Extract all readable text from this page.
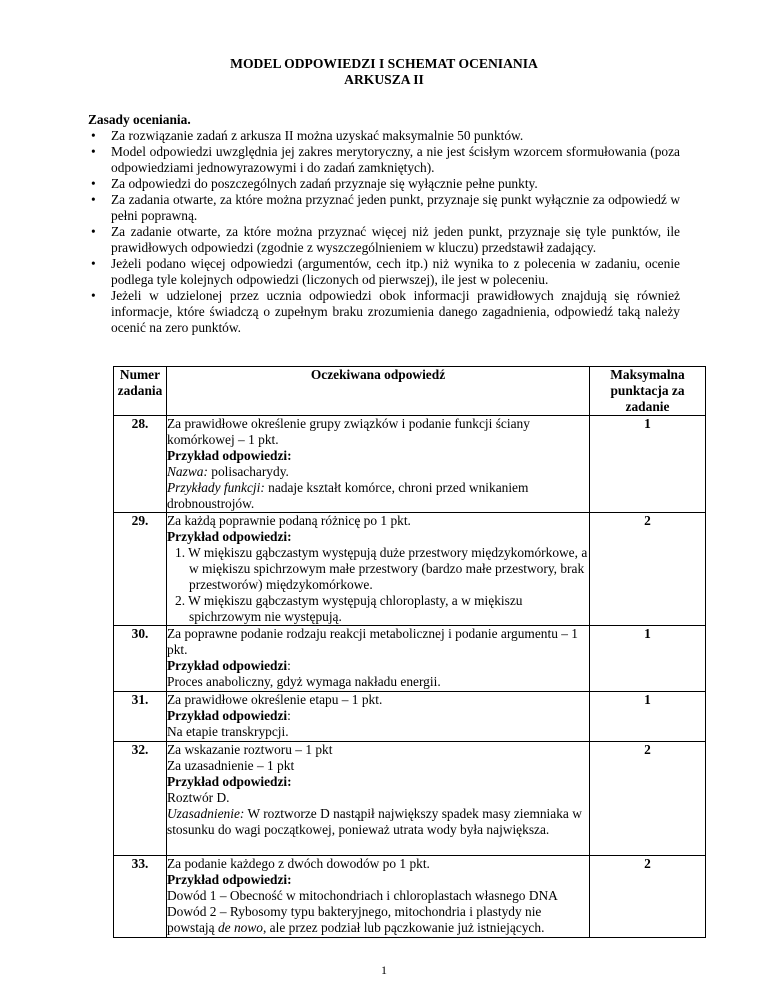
MODEL ODPOWIEDZI I SCHEMAT OCENIANIA
ARKUSZA II

Zasady oceniania.

• Za rozwiązanie zadań z arkusza II można uzyskać maksymalnie 50 punktów.
• Model odpowiedzi uwzględnia jej zakres merytoryczny, a nie jest ścisłym wzorcem sformułowania (poza odpowiedziami jednowyrazowymi i do zadań zamkniętych).
• Za odpowiedzi do poszczególnych zadań przyznaje się wyłącznie pełne punkty.
• Za zadania otwarte, za które można przyznać jeden punkt, przyznaje się punkt wyłącznie za odpowiedź w pełni poprawną.
• Za zadanie otwarte, za które można przyznać więcej niż jeden punkt, przyznaje się tyle punktów, ile prawidłowych odpowiedzi (zgodnie z wyszczególnieniem w kluczu) przedstawił zadający.
• Jeżeli podano więcej odpowiedzi (argumentów, cech itp.) niż wynika to z polecenia w zadaniu, ocenie podlega tyle kolejnych odpowiedzi (liczonych od pierwszej), ile jest w poleceniu.
• Jeżeli w udzielonej przez ucznia odpowiedzi obok informacji prawidłowych znajdują się również informacje, które świadczą o zupełnym braku zrozumienia danego zagadnienia, odpowiedź taką należy ocenić na zero punktów.
Numer zadania	Oczekiwana odpowiedź	Maksymalna punktacja za zadanie
28.	Za prawidłowe określenie grupy związków i podanie funkcji ściany komórkowej – 1 pkt.
Przykład odpowiedzi:
Nazwa: polisacharydy.
Przykłady funkcji: nadaje kształt komórce, chroni przed wnikaniem drobnoustrojów.	1
29.	Za każdą poprawnie podaną różnicę po 1 pkt.
Przykład odpowiedzi:
1. W miękiszu gąbczastym występują duże przestwory międzykomórkowe, a w miękiszu spichrzowym małe przestwory (bardzo małe przestwory, brak przestworów) międzykomórkowe.
2. W miękiszu gąbczastym występują chloroplasty, a w miękiszu spichrzowym nie występują.	2
30.	Za poprawne podanie rodzaju reakcji metabolicznej i podanie argumentu – 1 pkt.
Przykład odpowiedzi:
Proces anaboliczny, gdyż wymaga nakładu energii.	1
31.	Za prawidłowe określenie etapu – 1 pkt.
Przykład odpowiedzi:
Na etapie transkrypcji.	1
32.	Za wskazanie roztworu – 1 pkt
Za uzasadnienie – 1 pkt
Przykład odpowiedzi:
Roztwór D.
Uzasadnienie: W roztworze D nastąpił największy spadek masy ziemniaka w stosunku do wagi początkowej, ponieważ utrata wody była największa.	2
33.	Za podanie każdego z dwóch dowodów po 1 pkt.
Przykład odpowiedzi:
Dowód 1 – Obecność w mitochondriach i chloroplastach własnego DNA
Dowód 2 – Rybosomy typu bakteryjnego, mitochondria i plastydy nie powstają de nowo, ale przez podział lub pączkowanie już istniejących.	2
1
